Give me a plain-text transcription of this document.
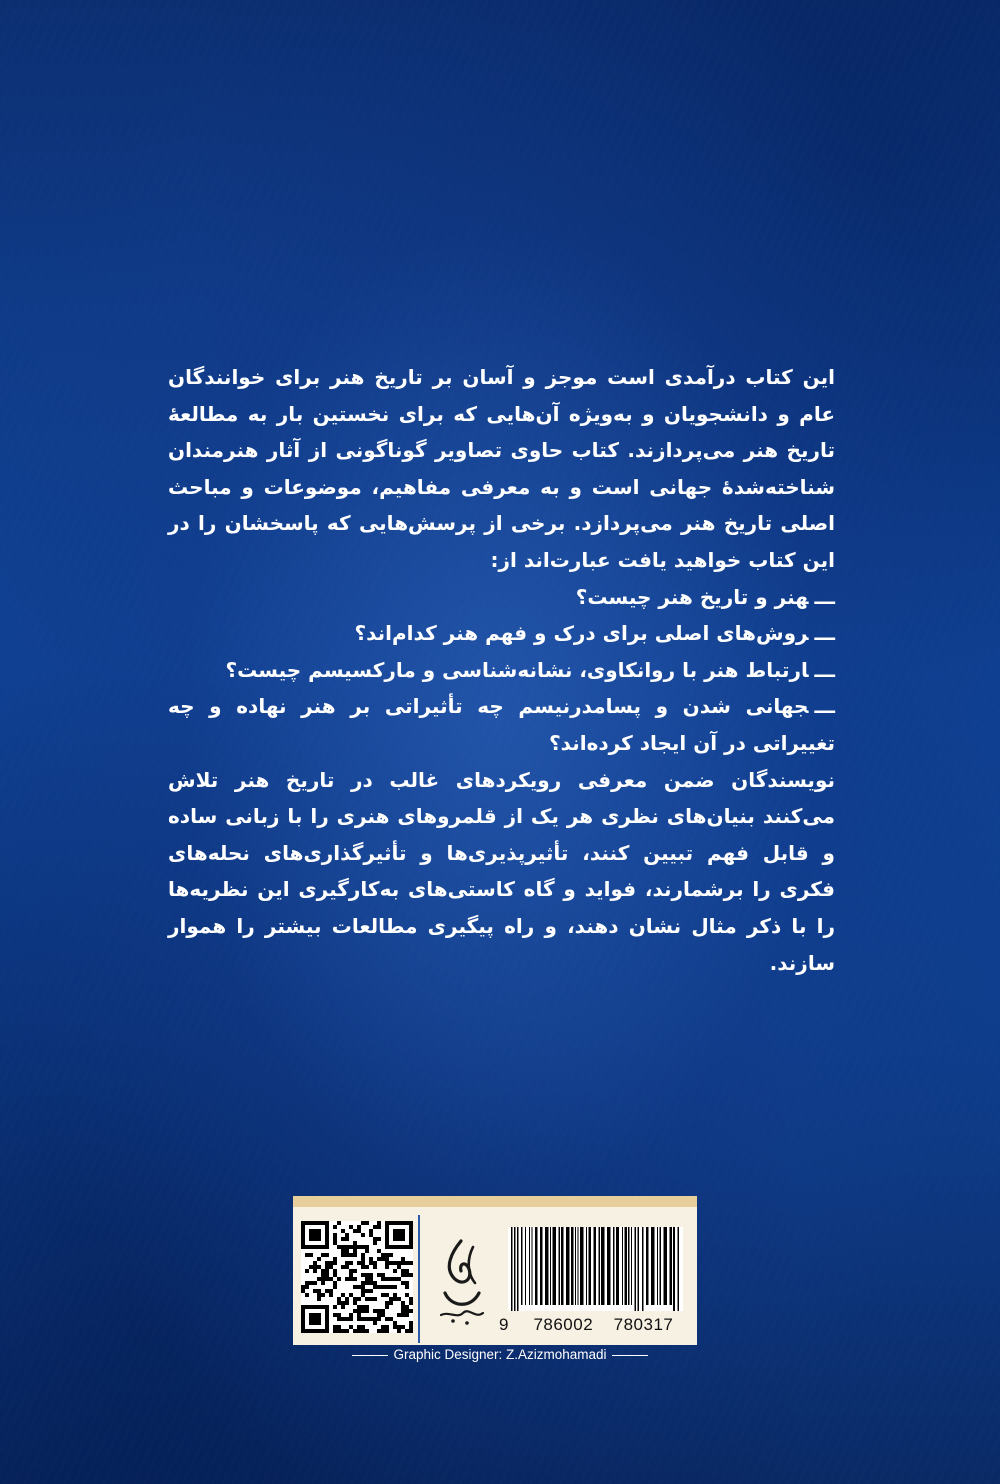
این کتاب درآمدی است موجز و آسان بر تاریخ هنر برای خوانندگان عام و دانشجویان و به‌ویژه آن‌هایی که برای نخستین بار به مطالعهٔ تاریخ هنر می‌پردازند. کتاب حاوی تصاویر گوناگونی از آثار هنرمندان شناخته‌شدهٔ جهانی است و به معرفی مفاهیم، موضوعات و مباحث اصلی تاریخ هنر می‌پردازد. برخی از پرسش‌هایی که پاسخشان را در این کتاب خواهید یافت عبارت‌اند از:

ـــهنر و تاریخ هنر چیست؟
ـــروش‌های اصلی برای درک و فهم هنر کدام‌اند؟
ـــارتباط هنر با روانکاوی، نشانه‌شناسی و مارکسیسم چیست؟
ـــجهانی شدن و پسامدرنیسم چه تأثیراتی بر هنر نهاده و چه تغییراتی در آن ایجاد کرده‌اند؟

نویسندگان ضمن معرفی رویکردهای غالب در تاریخ هنر تلاش می‌کنند بنیان‌های نظری هر یک از قلمروهای هنری را با زبانی ساده و قابل فهم تبیین کنند، تأثیرپذیری‌ها و تأثیرگذاری‌های نحله‌های فکری را برشمارند، فواید و گاه کاستی‌های به‌کارگیری این نظریه‌ها را با ذکر مثال نشان دهند، و راه پیگیری مطالعات بیشتر را هموار سازند.

9 786002 780317
Graphic Designer: Z.Azizmohamadi
